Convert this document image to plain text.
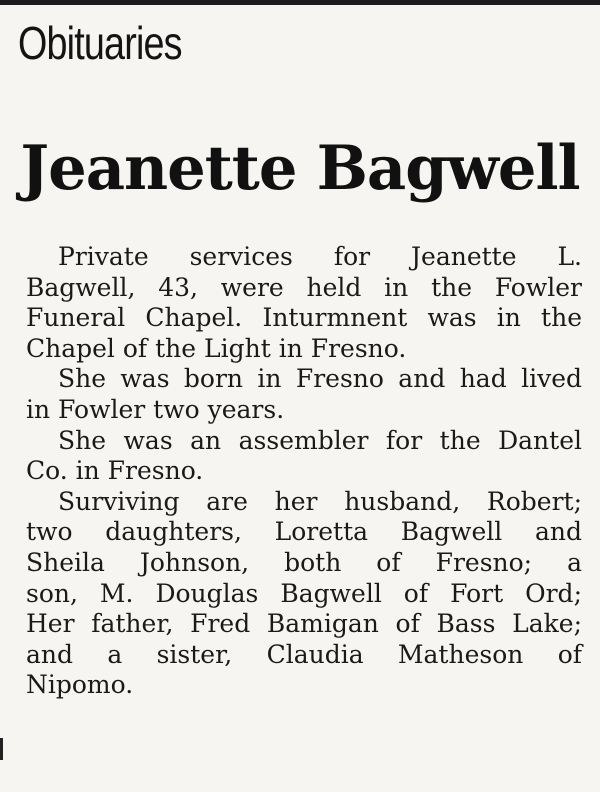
Obituaries
Jeanette Bagwell
Private services for Jeanette L.
Bagwell, 43, were held in the Fowler
Funeral Chapel. Inturmnent was in the
Chapel of the Light in Fresno.
She was born in Fresno and had lived
in Fowler two years.
She was an assembler for the Dantel
Co. in Fresno.
Surviving are her husband, Robert;
two daughters, Loretta Bagwell and
Sheila Johnson, both of Fresno; a
son, M. Douglas Bagwell of Fort Ord;
Her father, Fred Bamigan of Bass Lake;
and a sister, Claudia Matheson of
Nipomo.
